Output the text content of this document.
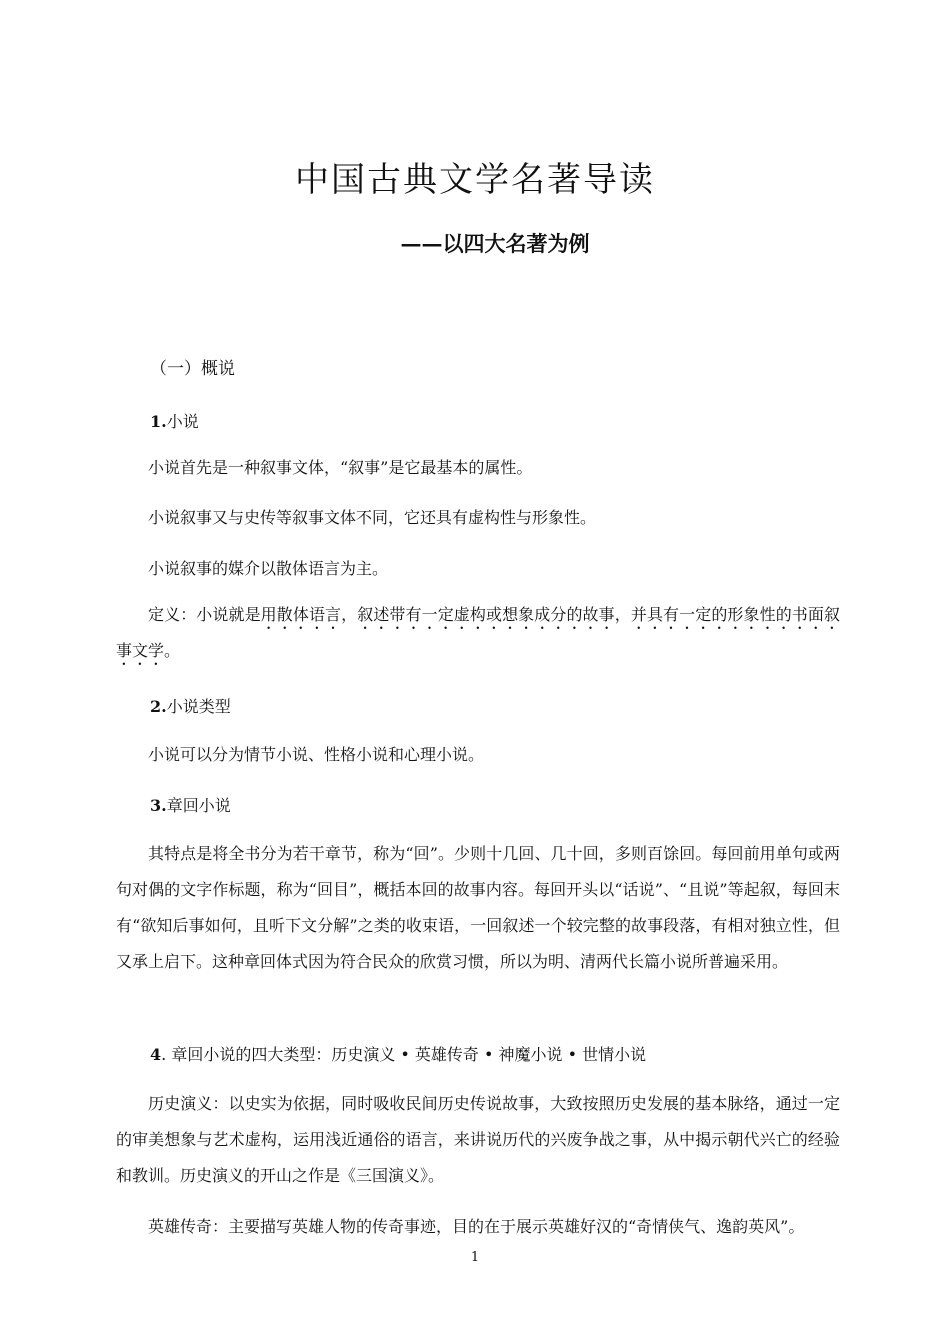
中国古典文学名著导读
——以四大名著为例
（一）概说
1.小说

小说首先是一种叙事文体，“叙事”是它最基本的属性。

小说叙事又与史传等叙事文体不同，它还具有虚构性与形象性。

小说叙事的媒介以散体语言为主。

定义：小说就是用散体语言，叙述带有一定虚构或想象成分的故事，并具有一定的形象性的书面叙事文学。

2.小说类型

小说可以分为情节小说、性格小说和心理小说。

3.章回小说

其特点是将全书分为若干章节，称为“回”。少则十几回、几十回，多则百馀回。每回前用单句或两句对偶的文字作标题，称为“回目”，概括本回的故事内容。每回开头以“话说”、“且说”等起叙，每回末有“欲知后事如何，且听下文分解”之类的收束语，一回叙述一个较完整的故事段落，有相对独立性，但又承上启下。这种章回体式因为符合民众的欣赏习惯，所以为明、清两代长篇小说所普遍采用。

4. 章回小说的四大类型：历史演义 • 英雄传奇 • 神魔小说 • 世情小说

历史演义：以史实为依据，同时吸收民间历史传说故事，大致按照历史发展的基本脉络，通过一定的审美想象与艺术虚构，运用浅近通俗的语言，来讲说历代的兴废争战之事，从中揭示朝代兴亡的经验和教训。历史演义的开山之作是《三国演义》。

英雄传奇：主要描写英雄人物的传奇事迹，目的在于展示英雄好汉的“奇情侠气、逸韵英风”。

1
